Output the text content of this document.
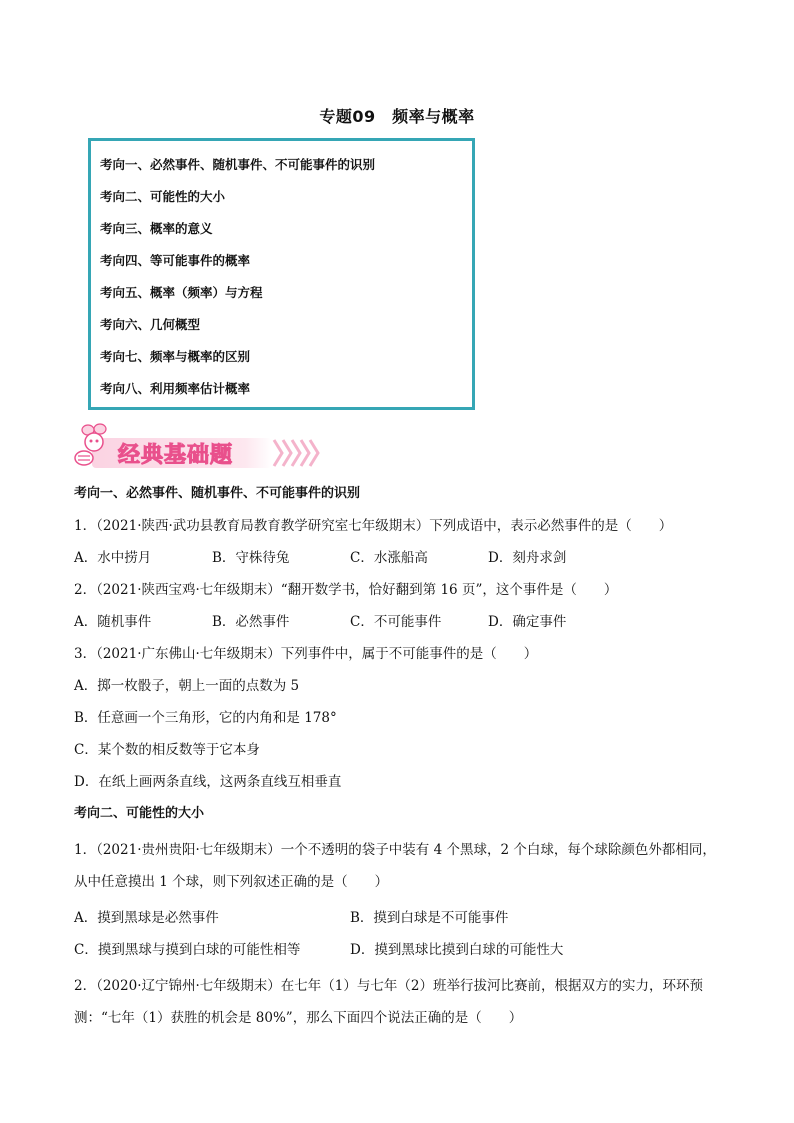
专题09　频率与概率
考向一、必然事件、随机事件、不可能事件的识别
考向二、可能性的大小
考向三、概率的意义
考向四、等可能事件的概率
考向五、概率（频率）与方程
考向六、几何概型
考向七、频率与概率的区别
考向八、利用频率估计概率
经典基础题
考向一、必然事件、随机事件、不可能事件的识别
1．（2021·陕西·武功县教育局教育教学研究室七年级期末）下列成语中，表示必然事件的是（　　）
A．水中捞月	B．守株待兔	C．水涨船高	D．刻舟求剑
2．（2021·陕西宝鸡·七年级期末）“翻开数学书，恰好翻到第 16 页”，这个事件是（　　）
A．随机事件	B．必然事件	C．不可能事件	D．确定事件
3．（2021·广东佛山·七年级期末）下列事件中，属于不可能事件的是（　　）
A．掷一枚骰子，朝上一面的点数为 5
B．任意画一个三角形，它的内角和是 178°
C．某个数的相反数等于它本身
D．在纸上画两条直线，这两条直线互相垂直
考向二、可能性的大小
1．（2021·贵州贵阳·七年级期末）一个不透明的袋子中装有 4 个黑球，2 个白球，每个球除颜色外都相同，从中任意摸出 1 个球，则下列叙述正确的是（　　）
A．摸到黑球是必然事件	B．摸到白球是不可能事件
C．摸到黑球与摸到白球的可能性相等	D．摸到黑球比摸到白球的可能性大
2．（2020·辽宁锦州·七年级期末）在七年（1）与七年（2）班举行拔河比赛前，根据双方的实力，环环预测：“七年（1）获胜的机会是 80%”，那么下面四个说法正确的是（　　）
